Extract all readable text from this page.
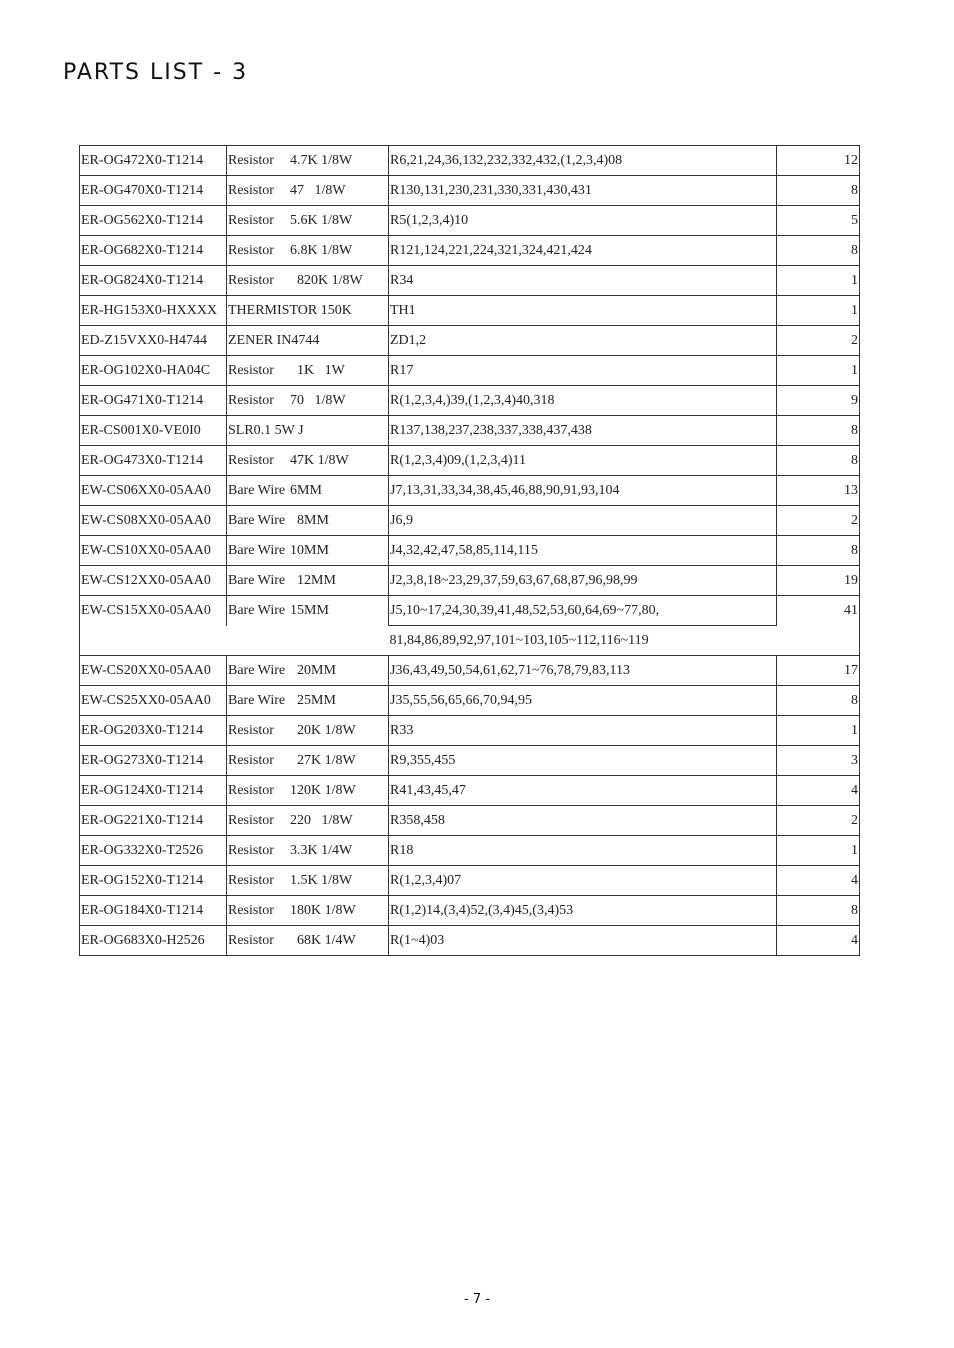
PARTS LIST - 3
ER-OG472X0-T1214	Resistor 4.7K 1/8W	R6,21,24,36,132,232,332,432,(1,2,3,4)08	12
ER-OG470X0-T1214	Resistor 47   1/8W	R130,131,230,231,330,331,430,431	8
ER-OG562X0-T1214	Resistor 5.6K 1/8W	R5(1,2,3,4)10	5
ER-OG682X0-T1214	Resistor 6.8K 1/8W	R121,124,221,224,321,324,421,424	8
ER-OG824X0-T1214	Resistor  820K 1/8W	R34	1
ER-HG153X0-HXXXX	THERMISTOR 150K	TH1	1
ED-Z15VXX0-H4744	ZENER IN4744	ZD1,2	2
ER-OG102X0-HA04C	Resistor  1K   1W	R17	1
ER-OG471X0-T1214	Resistor 70   1/8W	R(1,2,3,4,)39,(1,2,3,4)40,318	9
ER-CS001X0-VE0I0	SLR0.1 5W J	R137,138,237,238,337,338,437,438	8
ER-OG473X0-T1214	Resistor 47K 1/8W	R(1,2,3,4)09,(1,2,3,4)11	8
EW-CS06XX0-05AA0	Bare Wire 6MM	J7,13,31,33,34,38,45,46,88,90,91,93,104	13
EW-CS08XX0-05AA0	Bare Wire  8MM	J6,9	2
EW-CS10XX0-05AA0	Bare Wire 10MM	J4,32,42,47,58,85,114,115	8
EW-CS12XX0-05AA0	Bare Wire  12MM	J2,3,8,18~23,29,37,59,63,67,68,87,96,98,99	19
EW-CS15XX0-05AA0	Bare Wire 15MM	J5,10~17,24,30,39,41,48,52,53,60,64,69~77,80,	41
		81,84,86,89,92,97,101~103,105~112,116~119	
EW-CS20XX0-05AA0	Bare Wire  20MM	J36,43,49,50,54,61,62,71~76,78,79,83,113	17
EW-CS25XX0-05AA0	Bare Wire  25MM	J35,55,56,65,66,70,94,95	8
ER-OG203X0-T1214	Resistor  20K 1/8W	R33	1
ER-OG273X0-T1214	Resistor  27K 1/8W	R9,355,455	3
ER-OG124X0-T1214	Resistor 120K 1/8W	R41,43,45,47	4
ER-OG221X0-T1214	Resistor 220   1/8W	R358,458	2
ER-OG332X0-T2526	Resistor 3.3K 1/4W	R18	1
ER-OG152X0-T1214	Resistor 1.5K 1/8W	R(1,2,3,4)07	4
ER-OG184X0-T1214	Resistor 180K 1/8W	R(1,2)14,(3,4)52,(3,4)45,(3,4)53	8
ER-OG683X0-H2526	Resistor  68K 1/4W	R(1~4)03	4
- 7 -
